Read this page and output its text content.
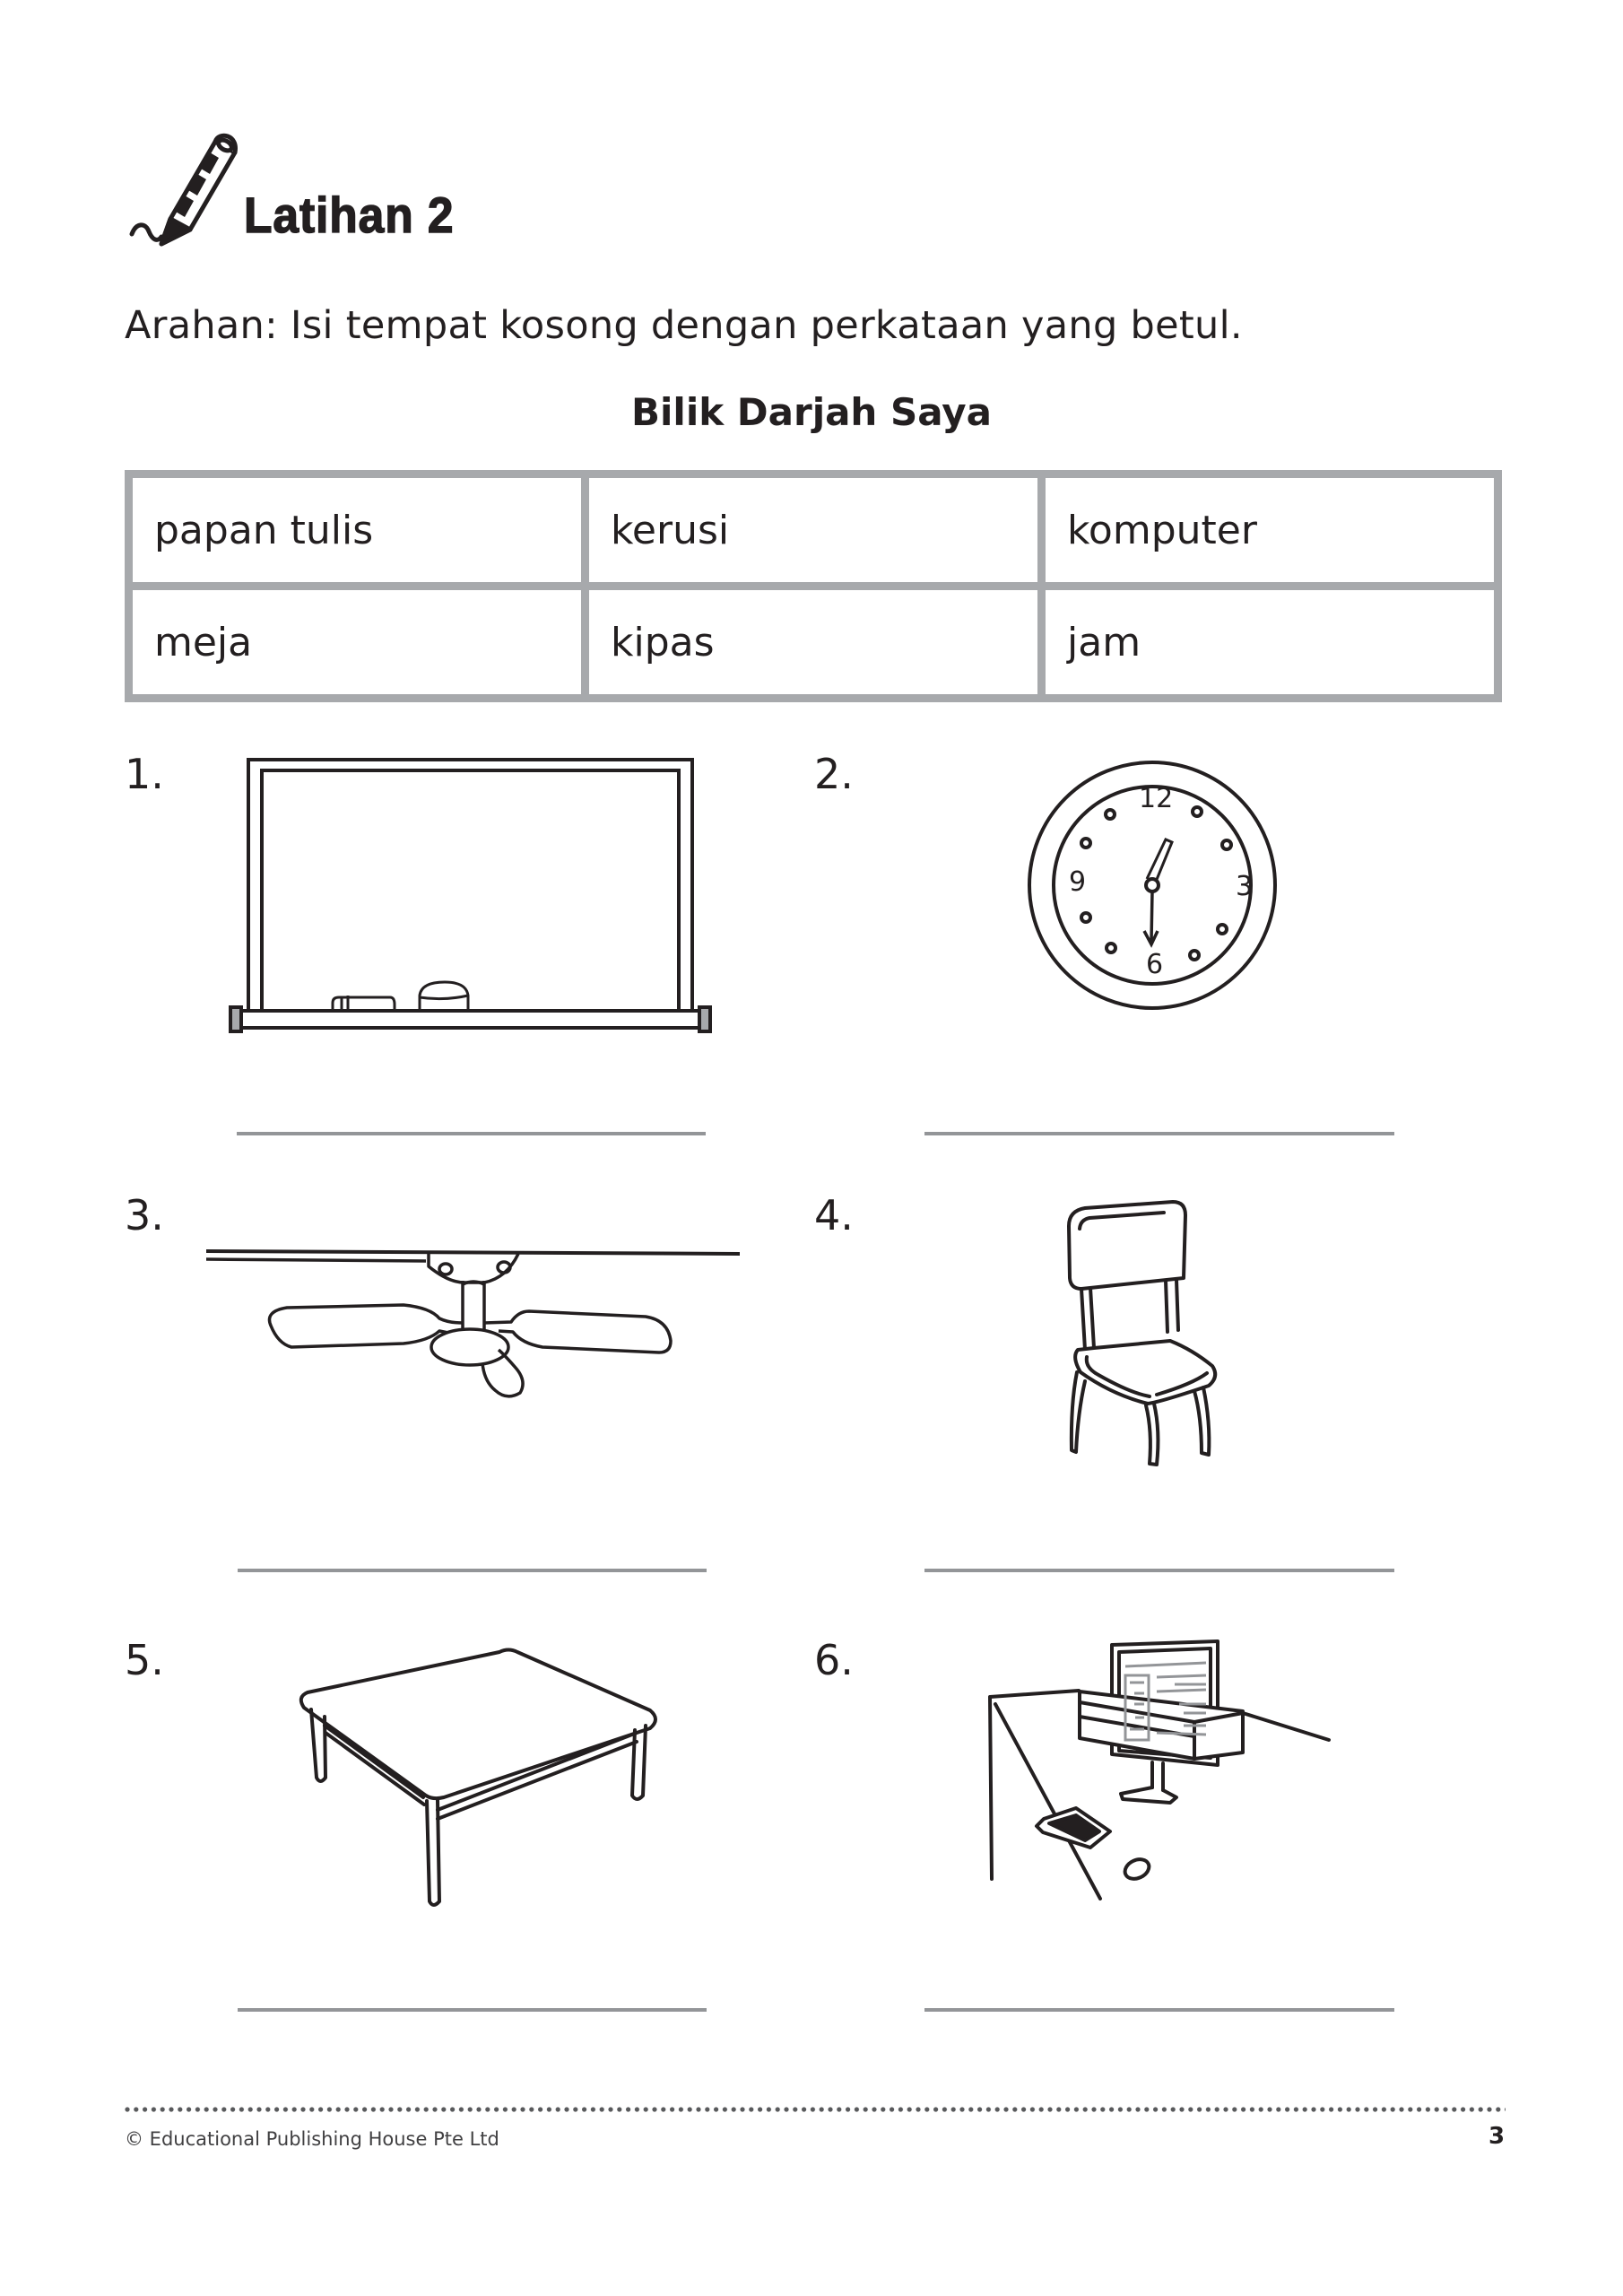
Latihan 2
Arahan: Isi tempat kosong dengan perkataan yang betul.
Bilik Darjah Saya
papan tulis	kerusi	komputer
meja	kipas	jam
1.	2.
12
3
6
9
3.	4.
5.	6.
© Educational Publishing House Pte Ltd	3
